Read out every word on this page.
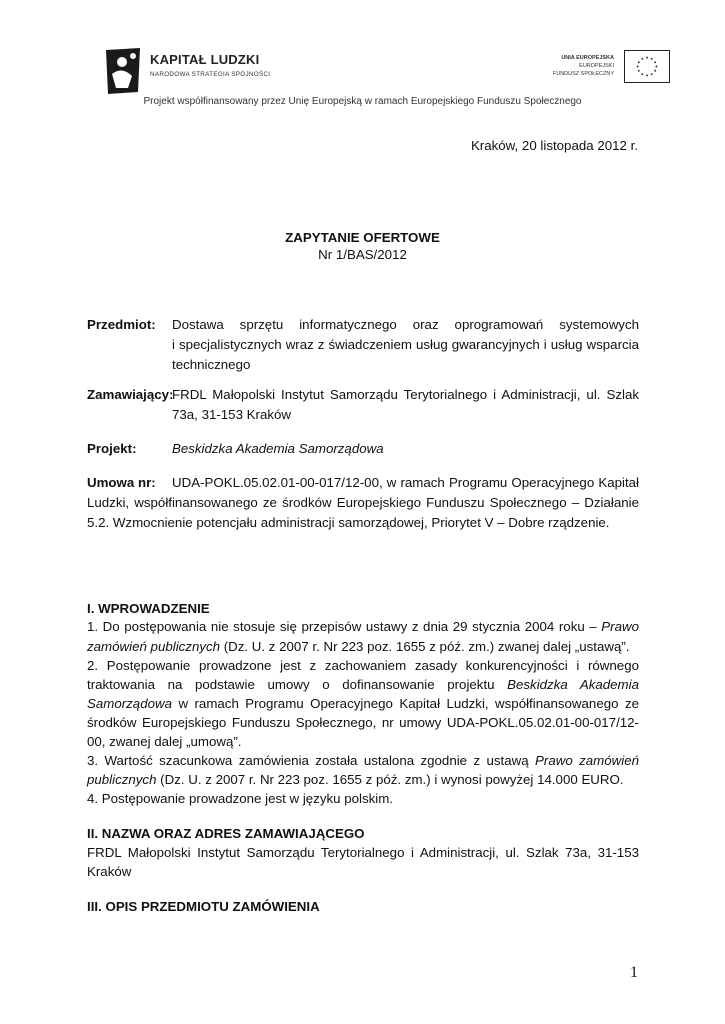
KAPITAŁ LUDZKI
NARODOWA STRATEGIA SPÓJNOŚCI
UNIA EUROPEJSKA
EUROPEJSKI
FUNDUSZ SPOŁECZNY
Projekt współfinansowany przez Unię Europejską w ramach Europejskiego Funduszu Społecznego
Kraków, 20 listopada 2012 r.
ZAPYTANIE OFERTOWE
Nr 1/BAS/2012
Przedmiot: Dostawa sprzętu informatycznego oraz oprogramowań systemowych
i specjalistycznych wraz z świadczeniem usług gwarancyjnych i usług wsparcia
technicznego
Zamawiający:
FRDL Małopolski Instytut Samorządu Terytorialnego i Administracji, ul. Szlak
73a, 31-153 Kraków
Projekt:	Beskidzka Akademia Samorządowa
Umowa nr: UDA-POKL.05.02.01-00-017/12-00, w ramach Programu Operacyjnego Kapitał
Ludzki, współfinansowanego ze środków Europejskiego Funduszu Społecznego – Działanie
5.2. Wzmocnienie potencjału administracji samorządowej, Priorytet V – Dobre rządzenie.
I. WPROWADZENIE
1. Do postępowania nie stosuje się przepisów ustawy z dnia 29 stycznia 2004 roku – Prawo
zamówień publicznych (Dz. U. z 2007 r. Nr 223 poz. 1655 z póź. zm.) zwanej dalej „ustawą”.
2. Postępowanie prowadzone jest z zachowaniem zasady konkurencyjności i równego
traktowania na podstawie umowy o dofinansowanie projektu Beskidzka Akademia
Samorządowa w ramach Programu Operacyjnego Kapitał Ludzki, współfinansowanego ze
środków Europejskiego Funduszu Społecznego, nr umowy UDA-POKL.05.02.01-00-017/12-
00, zwanej dalej „umową”.
3. Wartość szacunkowa zamówienia została ustalona zgodnie z ustawą Prawo zamówień
publicznych (Dz. U. z 2007 r. Nr 223 poz. 1655 z póź. zm.) i wynosi powyżej 14.000 EURO.
4. Postępowanie prowadzone jest w języku polskim.
II. NAZWA ORAZ ADRES ZAMAWIAJĄCEGO
FRDL Małopolski Instytut Samorządu Terytorialnego i Administracji, ul. Szlak 73a, 31-153
Kraków
III. OPIS PRZEDMIOTU ZAMÓWIENIA
1
